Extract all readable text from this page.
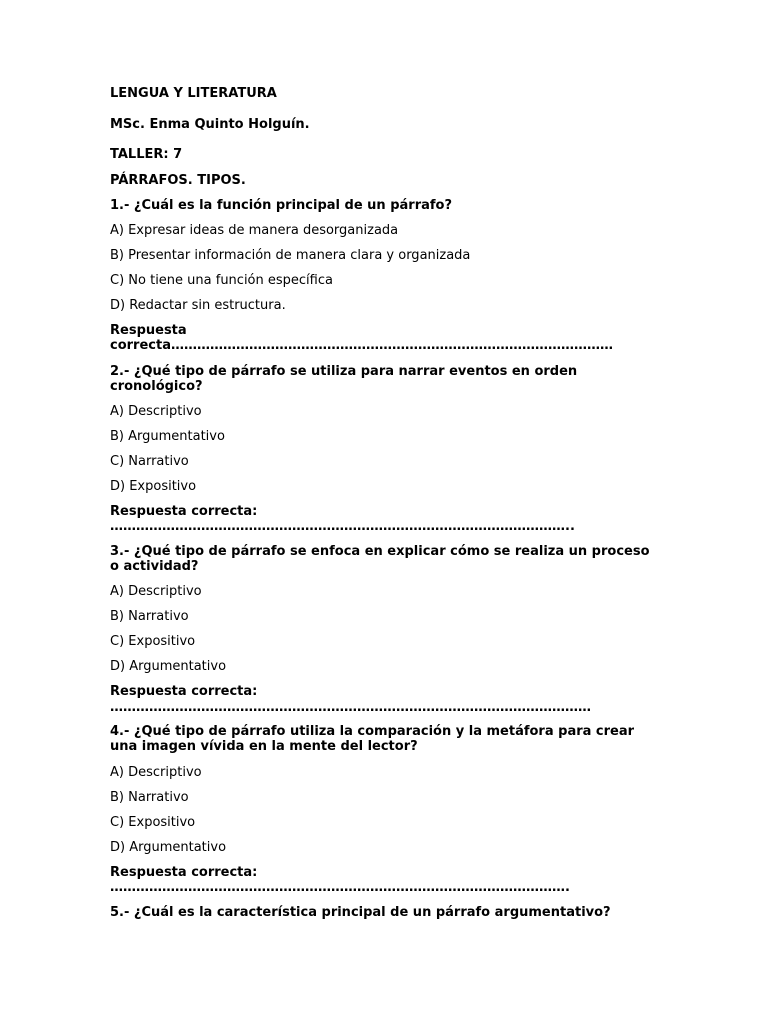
LENGUA Y LITERATURA
MSc. Enma Quinto Holguín.
TALLER: 7
PÁRRAFOS. TIPOS.
1.- ¿Cuál es la función principal de un párrafo?
A) Expresar ideas de manera desorganizada
B) Presentar información de manera clara y organizada
C) No tiene una función específica
D) Redactar sin estructura.
Respuesta
correcta…………………………………………………………………………………………
2.- ¿Qué tipo de párrafo se utiliza para narrar eventos en orden cronológico?
A) Descriptivo
B) Argumentativo
C) Narrativo
D) Expositivo
Respuesta correcta:
……………………………………………………………………………………………..
3.- ¿Qué tipo de párrafo se enfoca en explicar cómo se realiza un proceso o actividad?
A) Descriptivo
B) Narrativo
C) Expositivo
D) Argumentativo
Respuesta correcta:
…………………………………………………………………………………………………
4.- ¿Qué tipo de párrafo utiliza la comparación y la metáfora para crear una imagen vívida en la mente del lector?
A) Descriptivo
B) Narrativo
C) Expositivo
D) Argumentativo
Respuesta correcta:
…………………………………………………………………………………………….
5.- ¿Cuál es la característica principal de un párrafo argumentativo?
